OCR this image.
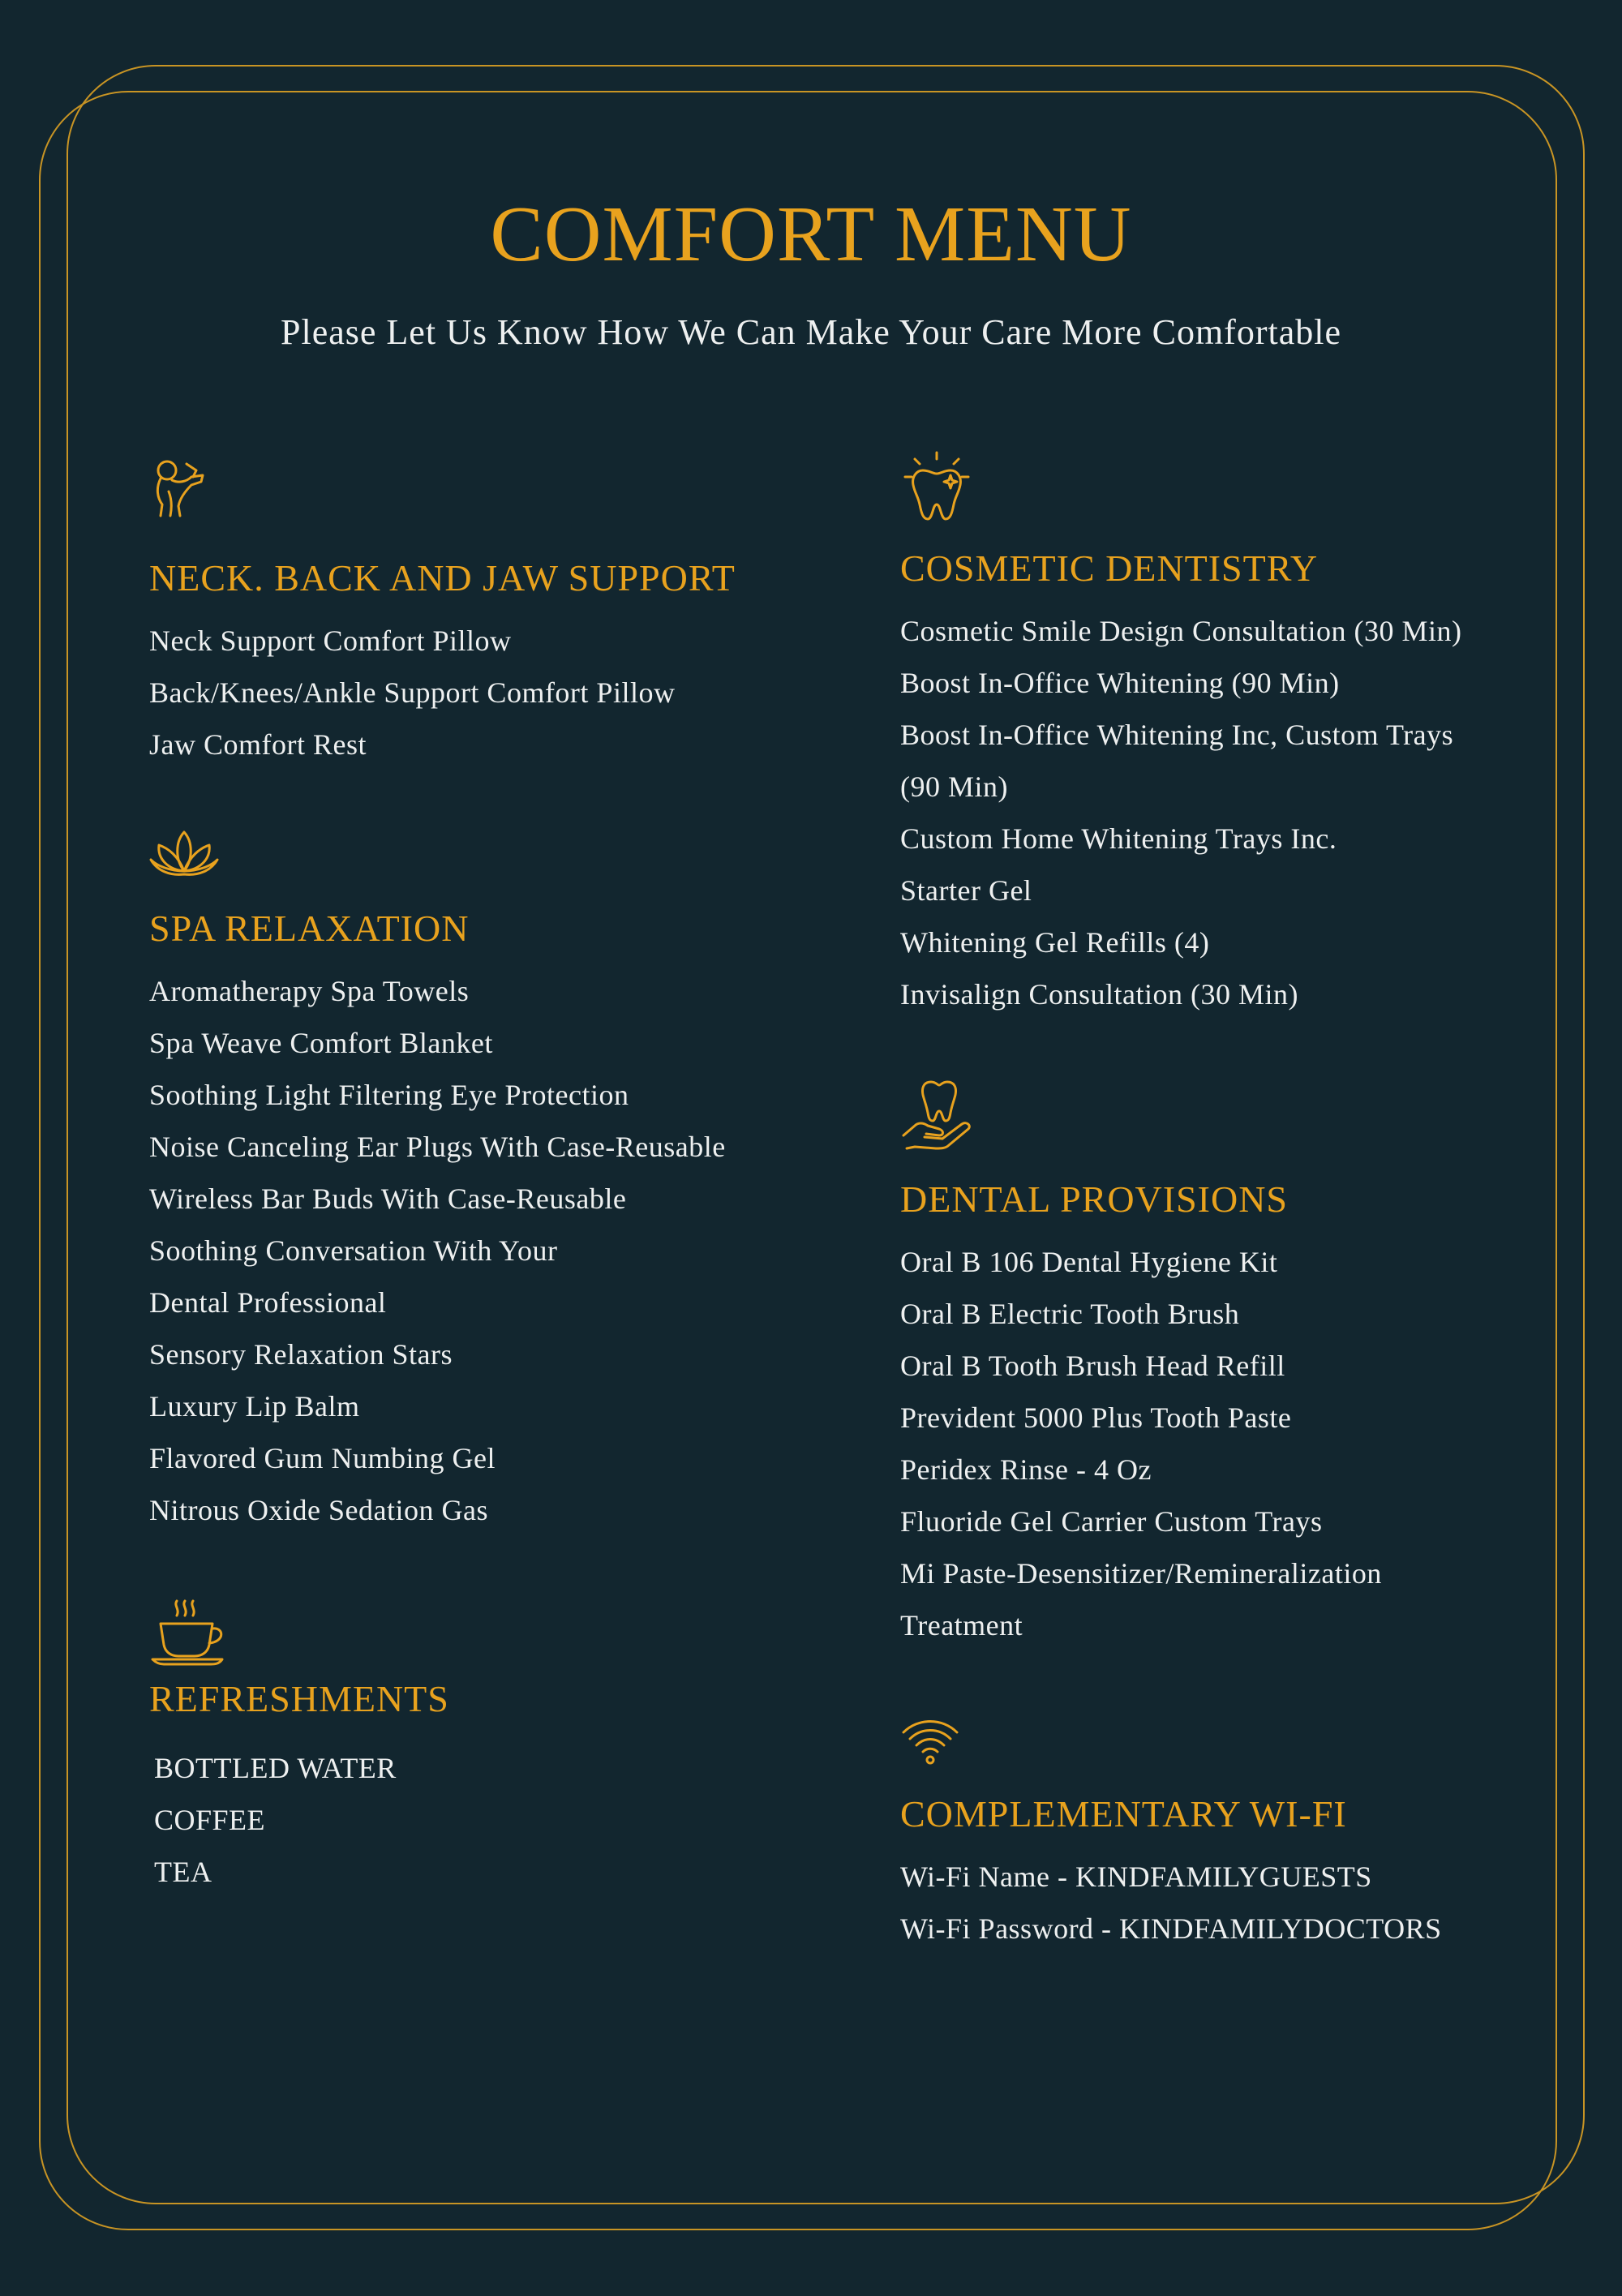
COMFORT MENU
Please Let Us Know How We Can Make Your Care More Comfortable
NECK. BACK AND JAW SUPPORT
Neck Support Comfort Pillow
Back/Knees/Ankle Support Comfort Pillow
Jaw Comfort Rest
SPA RELAXATION
Aromatherapy Spa Towels
Spa Weave Comfort Blanket
Soothing Light Filtering Eye Protection
Noise Canceling Ear Plugs With Case-Reusable
Wireless Bar Buds With Case-Reusable
Soothing Conversation With Your
Dental Professional
Sensory Relaxation Stars
Luxury Lip Balm
Flavored Gum Numbing Gel
Nitrous Oxide Sedation Gas
REFRESHMENTS
BOTTLED WATER
COFFEE
TEA
COSMETIC DENTISTRY
Cosmetic Smile Design Consultation (30 Min)
Boost In-Office Whitening (90 Min)
Boost In-Office Whitening Inc, Custom Trays
(90 Min)
Custom Home Whitening Trays Inc.
Starter Gel
Whitening Gel Refills (4)
Invisalign Consultation (30 Min)
DENTAL PROVISIONS
Oral B 106 Dental Hygiene Kit
Oral B Electric Tooth Brush
Oral B Tooth Brush Head Refill
Prevident 5000 Plus Tooth Paste
Peridex Rinse - 4 Oz
Fluoride Gel Carrier Custom Trays
Mi Paste-Desensitizer/Remineralization
Treatment
COMPLEMENTARY WI-FI
Wi-Fi Name - KINDFAMILYGUESTS
Wi-Fi Password - KINDFAMILYDOCTORS
